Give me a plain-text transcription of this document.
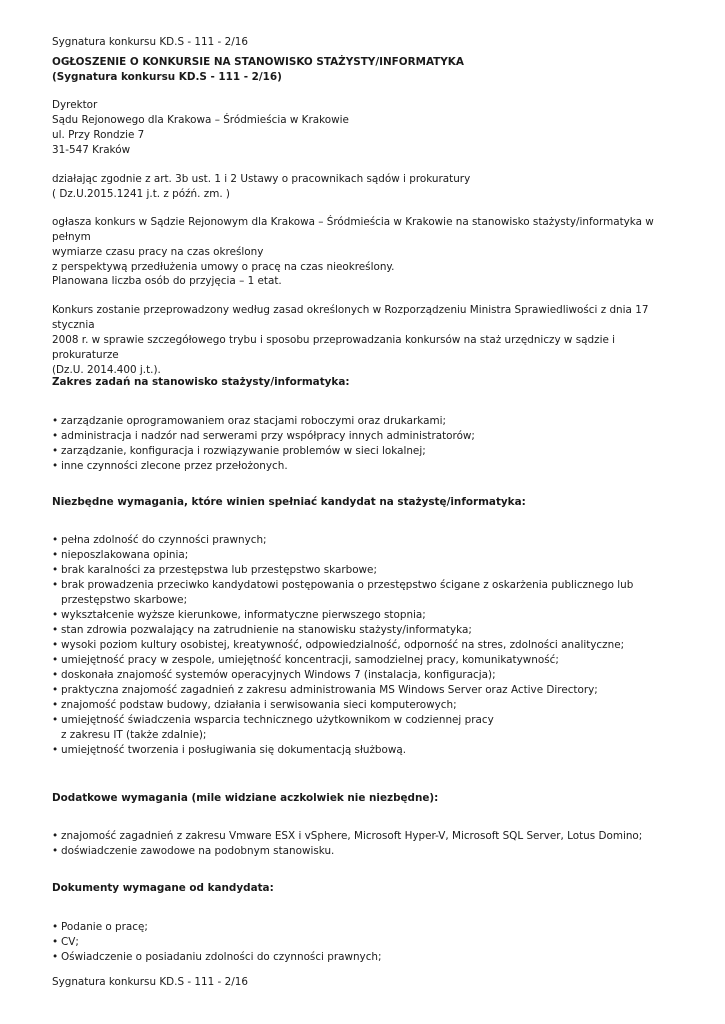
Sygnatura konkursu KD.S - 111 - 2/16
OGŁOSZENIE O KONKURSIE NA STANOWISKO STAŻYSTY/INFORMATYKA
(Sygnatura konkursu KD.S - 111 - 2/16)
Dyrektor
Sądu Rejonowego dla Krakowa – Śródmieścia w Krakowie
ul. Przy Rondzie 7
31-547 Kraków
działając zgodnie z art. 3b ust. 1 i 2 Ustawy o pracownikach sądów i prokuratury
( Dz.U.2015.1241 j.t. z późń. zm. )
ogłasza konkurs w Sądzie Rejonowym dla Krakowa – Śródmieścia w Krakowie na stanowisko stażysty/informatyka w pełnym
wymiarze czasu pracy na czas określony
z perspektywą przedłużenia umowy o pracę na czas nieokreślony.
Planowana liczba osób do przyjęcia – 1 etat.
Konkurs zostanie przeprowadzony według zasad określonych w Rozporządzeniu Ministra Sprawiedliwości z dnia 17 stycznia
2008 r. w sprawie szczegółowego trybu i sposobu przeprowadzania konkursów na staż urzędniczy w sądzie i prokuraturze
(Dz.U. 2014.400 j.t.).
Zakres zadań na stanowisko stażysty/informatyka:
• zarządzanie oprogramowaniem oraz stacjami roboczymi oraz drukarkami;
• administracja i nadzór nad serwerami przy współpracy innych administratorów;
• zarządzanie, konfiguracja i rozwiązywanie problemów w sieci lokalnej;
• inne czynności zlecone przez przełożonych.
Niezbędne wymagania, które winien spełniać kandydat na stażystę/informatyka:
• pełna zdolność do czynności prawnych;
• nieposzlakowana opinia;
• brak karalności za przestępstwa lub przestępstwo skarbowe;
• brak prowadzenia przeciwko kandydatowi postępowania o przestępstwo ścigane z oskarżenia publicznego lub
przestępstwo skarbowe;
• wykształcenie wyższe kierunkowe, informatyczne pierwszego stopnia;
• stan zdrowia pozwalający na zatrudnienie na stanowisku stażysty/informatyka;
• wysoki poziom kultury osobistej, kreatywność, odpowiedzialność, odporność na stres, zdolności analityczne;
• umiejętność pracy w zespole, umiejętność koncentracji, samodzielnej pracy, komunikatywność;
• doskonała znajomość systemów operacyjnych Windows 7 (instalacja, konfiguracja);
• praktyczna znajomość zagadnień z zakresu administrowania MS Windows Server oraz Active Directory;
• znajomość podstaw budowy, działania i serwisowania sieci komputerowych;
• umiejętność świadczenia wsparcia technicznego użytkownikom w codziennej pracy
z zakresu IT (także zdalnie);
• umiejętność tworzenia i posługiwania się dokumentacją służbową.
Dodatkowe wymagania (mile widziane aczkolwiek nie niezbędne):
• znajomość zagadnień z zakresu Vmware ESX i vSphere, Microsoft Hyper-V, Microsoft SQL Server, Lotus Domino;
• doświadczenie zawodowe na podobnym stanowisku.
Dokumenty wymagane od kandydata:
• Podanie o pracę;
• CV;
• Oświadczenie o posiadaniu zdolności do czynności prawnych;
Sygnatura konkursu KD.S - 111 - 2/16
